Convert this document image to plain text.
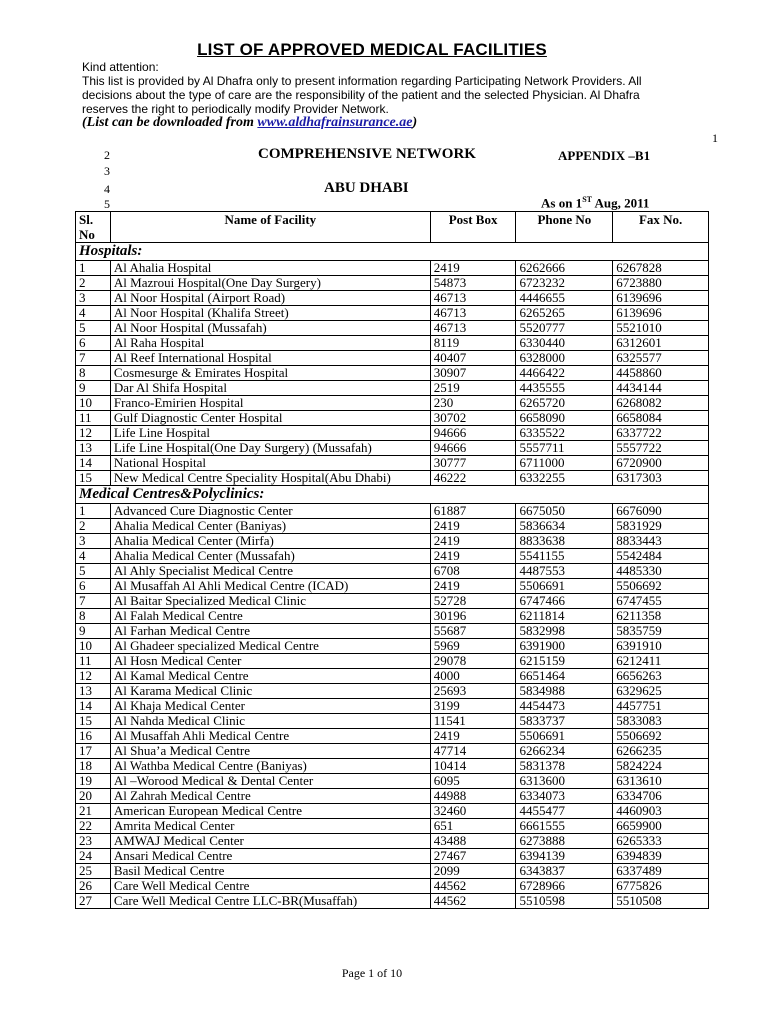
LIST OF APPROVED MEDICAL FACILITIES

Kind attention:

This list is provided by Al Dhafra only to present information regarding Participating Network Providers. All decisions about the type of care are the responsibility of the patient and the selected Physician. Al Dhafra reserves the right to periodically modify Provider Network.

(List can be downloaded from www.aldhafrainsurance.ae)
1
2
3
4
5
COMPREHENSIVE NETWORK	APPENDIX –B1
ABU DHABI
As on 1ST Aug, 2011
Sl. No	Name of Facility	Post Box	Phone No	Fax No.
Hospitals:				
1	Al Ahalia Hospital	2419	6262666	6267828
2	Al Mazroui Hospital(One Day Surgery)	54873	6723232	6723880
3	Al Noor Hospital (Airport Road)	46713	4446655	6139696
4	Al Noor Hospital (Khalifa Street)	46713	6265265	6139696
5	Al Noor Hospital (Mussafah)	46713	5520777	5521010
6	Al Raha Hospital	8119	6330440	6312601
7	Al Reef International Hospital	40407	6328000	6325577
8	Cosmesurge & Emirates Hospital	30907	4466422	4458860
9	Dar Al Shifa Hospital	2519	4435555	4434144
10	Franco-Emirien Hospital	230	6265720	6268082
11	Gulf Diagnostic Center Hospital	30702	6658090	6658084
12	Life Line Hospital	94666	6335522	6337722
13	Life Line Hospital(One Day Surgery) (Mussafah)	94666	5557711	5557722
14	National Hospital	30777	6711000	6720900
15	New Medical Centre Speciality Hospital(Abu Dhabi)	46222	6332255	6317303
Medical Centres&Polyclinics:				
1	Advanced Cure Diagnostic Center	61887	6675050	6676090
2	Ahalia Medical Center (Baniyas)	2419	5836634	5831929
3	Ahalia Medical Center (Mirfa)	2419	8833638	8833443
4	Ahalia Medical Center (Mussafah)	2419	5541155	5542484
5	Al Ahly Specialist Medical Centre	6708	4487553	4485330
6	Al Musaffah Al Ahli Medical Centre (ICAD)	2419	5506691	5506692
7	Al Baitar Specialized Medical Clinic	52728	6747466	6747455
8	Al Falah Medical Centre	30196	6211814	6211358
9	Al Farhan Medical Centre	55687	5832998	5835759
10	Al Ghadeer specialized Medical Centre	5969	6391900	6391910
11	Al Hosn Medical Center	29078	6215159	6212411
12	Al Kamal Medical Centre	4000	6651464	6656263
13	Al Karama Medical Clinic	25693	5834988	6329625
14	Al Khaja Medical Center	3199	4454473	4457751
15	Al Nahda Medical Clinic	11541	5833737	5833083
16	Al Musaffah Ahli Medical Centre	2419	5506691	5506692
17	Al Shua’a Medical Centre	47714	6266234	6266235
18	Al Wathba Medical Centre (Baniyas)	10414	5831378	5824224
19	Al –Worood Medical & Dental Center	6095	6313600	6313610
20	Al Zahrah Medical Centre	44988	6334073	6334706
21	American European Medical Centre	32460	4455477	4460903
22	Amrita Medical Center	651	6661555	6659900
23	AMWAJ Medical Center	43488	6273888	6265333
24	Ansari Medical Centre	27467	6394139	6394839
25	Basil Medical Centre	2099	6343837	6337489
26	Care Well Medical Centre	44562	6728966	6775826
27	Care Well Medical Centre LLC-BR(Musaffah)	44562	5510598	5510508
Page 1 of 10
